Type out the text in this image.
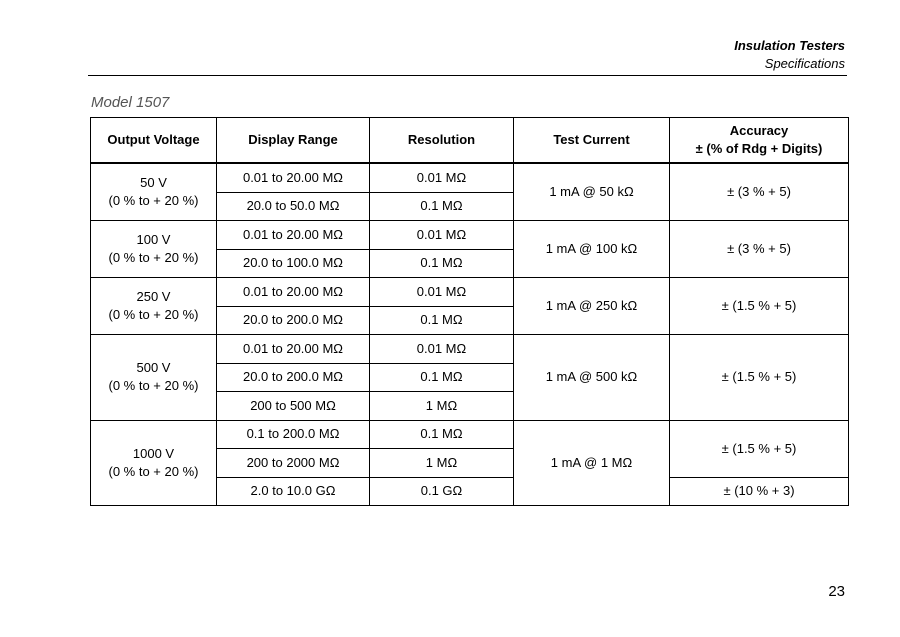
Insulation Testers
Specifications
Model 1507
Output Voltage	Display Range	Resolution	Test Current	Accuracy
± (% of Rdg + Digits)

50 V
(0 % to + 20 %)	0.01 to 20.00 MΩ	0.01 MΩ	1 mA @ 50 kΩ	± (3 % + 5)
	20.0 to 50.0 MΩ	0.1 MΩ		

100 V
(0 % to + 20 %)	0.01 to 20.00 MΩ	0.01 MΩ	1 mA @ 100 kΩ	± (3 % + 5)
	20.0 to 100.0 MΩ	0.1 MΩ		

250 V
(0 % to + 20 %)	0.01 to 20.00 MΩ	0.01 MΩ	1 mA @ 250 kΩ	± (1.5 % + 5)
	20.0 to 200.0 MΩ	0.1 MΩ		

500 V
(0 % to + 20 %)	0.01 to 20.00 MΩ	0.01 MΩ	1 mA @ 500 kΩ	± (1.5 % + 5)
	20.0 to 200.0 MΩ	0.1 MΩ		
	200 to 500 MΩ	1 MΩ		

1000 V
(0 % to + 20 %)	0.1 to 200.0 MΩ	0.1 MΩ	1 mA @ 1 MΩ	± (1.5 % + 5)
	200 to 2000 MΩ	1 MΩ		
	2.0 to 10.0 GΩ	0.1 GΩ		± (10 % + 3)
23
